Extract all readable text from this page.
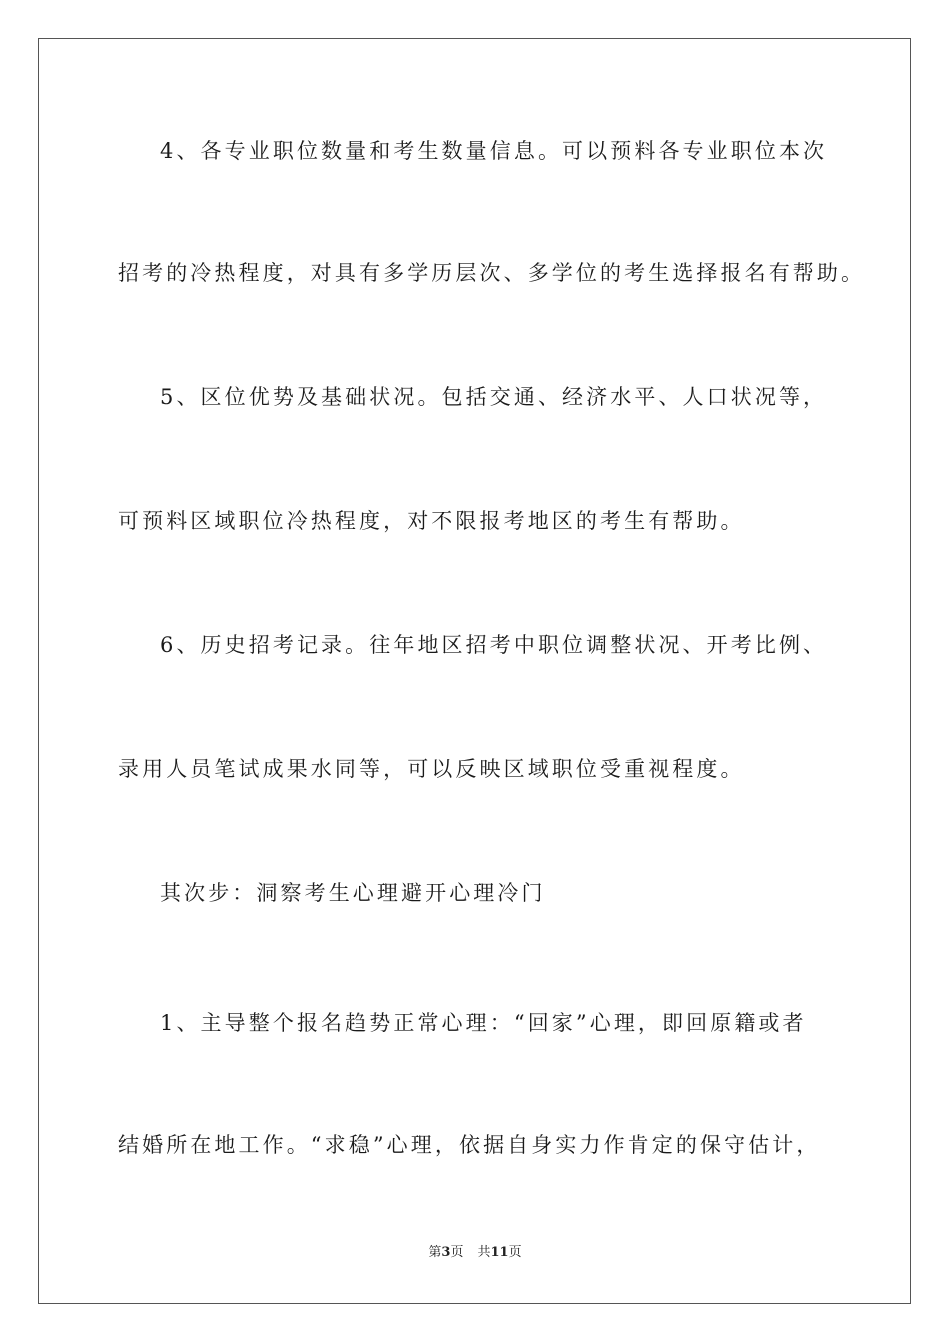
4、各专业职位数量和考生数量信息。可以预料各专业职位本次
招考的冷热程度，对具有多学历层次、多学位的考生选择报名有帮助。
5、区位优势及基础状况。包括交通、经济水平、人口状况等，
可预料区域职位冷热程度，对不限报考地区的考生有帮助。
6、历史招考记录。往年地区招考中职位调整状况、开考比例、
录用人员笔试成果水同等，可以反映区域职位受重视程度。
其次步：洞察考生心理避开心理冷门
1、主导整个报名趋势正常心理：“回家”心理，即回原籍或者
结婚所在地工作。“求稳”心理，依据自身实力作肯定的保守估计，
第3页 共11页
